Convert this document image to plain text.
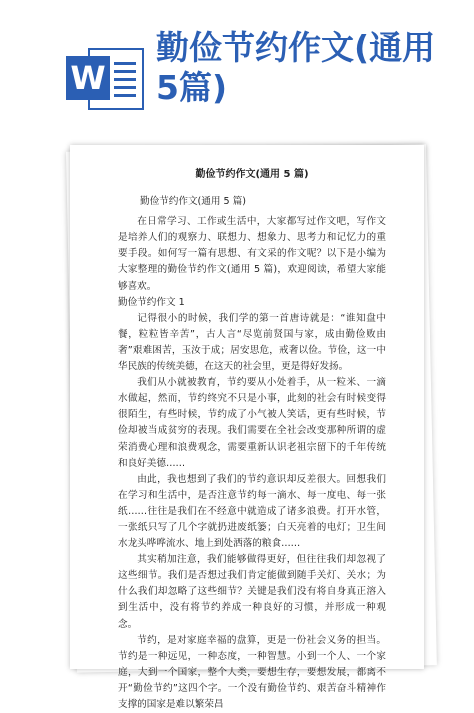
W
勤俭节约作文(通用5篇)
勤俭节约作文(通用 5 篇)
勤俭节约作文(通用 5 篇)

在日常学习、工作或生活中，大家都写过作文吧，写作文是培养人们的观察力、联想力、想象力、思考力和记忆力的重要手段。如何写一篇有思想、有文采的作文呢？以下是小编为大家整理的勤俭节约作文(通用 5 篇)，欢迎阅读，希望大家能够喜欢。

勤俭节约作文 1

记得很小的时候，我们学的第一首唐诗就是：“谁知盘中餐，粒粒皆辛苦”，古人言“尽览前贤国与家，成由勤俭败由奢”艰难困苦，玉汝于成；居安思危，戒奢以俭。节俭，这一中华民族的传统美德，在这天的社会里，更是得好发扬。

我们从小就被教育，节约要从小处着手，从一粒米、一滴水做起，然而，节约终究不只是小事，此刻的社会有时候变得很陌生，有些时候，节约成了小气被人笑话，更有些时候，节俭却被当成贫穷的表现。我们需要在全社会改变那种所谓的虚荣消费心理和浪费观念，需要重新认识老祖宗留下的千年传统和良好美德……

由此，我也想到了我们的节约意识却反差很大。回想我们在学习和生活中，是否注意节约每一滴水、每一度电、每一张纸……往往是我们在不经意中就造成了诸多浪费。打开水管，一张纸只写了几个字就扔进废纸篓；白天亮着的电灯；卫生间水龙头哗哗流水、地上到处洒落的粮食……

其实稍加注意，我们能够做得更好，但往往我们却忽视了这些细节。我们是否想过我们肯定能做到随手关灯、关水；为什么我们却忽略了这些细节？关键是我们没有将自身真正溶入到生活中，没有将节约养成一种良好的习惯，并形成一种观念。

节约，是对家庭幸福的盘算，更是一份社会义务的担当。节约是一种远见，一种态度，一种智慧。小到一个人、一个家庭，大到一个国家，整个人类，要想生存，要想发展，都离不开“勤俭节约”这四个字。一个没有勤俭节约、艰苦奋斗精神作支撑的国家是难以繁荣昌
